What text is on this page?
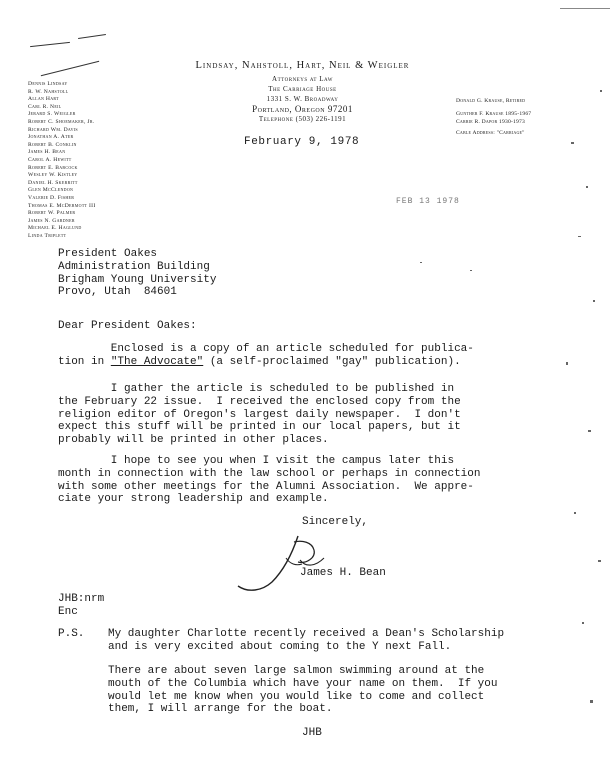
Lindsay, Nahstoll, Hart, Neil & Weigler
Attorneys at Law
The Carriage House
1331 S. W. Broadway
Portland, Oregon 97201
Telephone (503) 226-1191
Dennis Lindsay
R. W. Nahstoll
Allan Hart
Carl R. Neil
Jerard S. Weigler
Robert C. Shoemaker, Jr.
Richard Wm. Davis
Jonathan A. Ater
Robert B. Conklin
James H. Bean
Carol A. Hewitt
Robert E. Babcock
Wesley W. Kistley
Daniel H. Skerritt
Glen McClendon
Valerie D. Fisher
Thomas E. McDermott III
Robert W. Palmer
James N. Gardner
Michael E. Haglund
Linda Triplett
Donald G. Krause, Retired
Gunther F. Krause 1895-1967
Carrie R. Dapor 1930-1973
Cable Address: "Carriage"
February 9, 1978
FEB 13 1978
President Oakes
Administration Building
Brigham Young University
Provo, Utah  84601
Dear President Oakes:
Enclosed is a copy of an article scheduled for publica-
tion in "The Advocate" (a self-proclaimed "gay" publication).
I gather the article is scheduled to be published in
the February 22 issue.  I received the enclosed copy from the
religion editor of Oregon's largest daily newspaper.  I don't
expect this stuff will be printed in our local papers, but it
probably will be printed in other places.
I hope to see you when I visit the campus later this
month in connection with the law school or perhaps in connection
with some other meetings for the Alumni Association.  We appre-
ciate your strong leadership and example.
Sincerely,
James H. Bean
JHB:nrm
Enc
P.S. My daughter Charlotte recently received a Dean's Scholarship
and is very excited about coming to the Y next Fall.
There are about seven large salmon swimming around at the
mouth of the Columbia which have your name on them.  If you
would let me know when you would like to come and collect
them, I will arrange for the boat.
JHB
